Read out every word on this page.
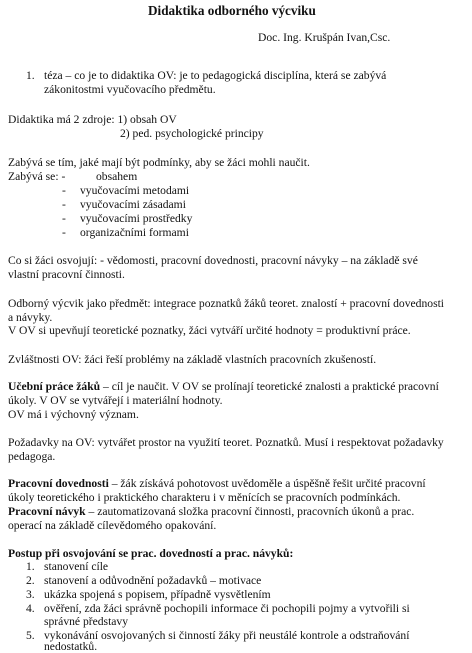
Didaktika odborného výcviku
Doc. Ing. Krušpán Ivan,Csc.
1. téza – co je to didaktika OV: je to pedagogická disciplína, která se zabývá
zákonitostmi vyučovacího předmětu.
Didaktika má 2 zdroje: 1) obsah OV
2) ped. psychologické principy
Zabývá se tím, jaké mají být podmínky, aby se žáci mohli naučit.
Zabývá se: -	obsahem
- vyučovacími metodami
- vyučovacími zásadami
- vyučovacími prostředky
- organizačními formami
Co si žáci osvojují: - vědomosti, pracovní dovednosti, pracovní návyky – na základě své
vlastní pracovní činnosti.
Odborný výcvik jako předmět: integrace poznatků žáků teoret. znalostí + pracovní dovednosti
a návyky.
V OV si upevňují teoretické poznatky, žáci vytváří určité hodnoty = produktivní práce.
Zvláštnosti OV: žáci řeší problémy na základě vlastních pracovních zkušeností.
Učební práce žáků – cíl je naučit. V OV se prolínají teoretické znalosti a praktické pracovní
úkoly. V OV se vytvářejí i materiální hodnoty.
OV má i výchovný význam.
Požadavky na OV: vytvářet prostor na využití teoret. Poznatků. Musí i respektovat požadavky
pedagoga.
Pracovní dovednosti – žák získává pohotovost uvědoměle a úspěšně řešit určité pracovní
úkoly teoretického i praktického charakteru i v měnících se pracovních podmínkách.
Pracovní návyk – zautomatizovaná složka pracovní činnosti, pracovních úkonů a prac.
operací na základě cílevědomého opakování.
Postup při osvojování se prac. dovedností a prac. návyků:
1. stanovení cíle
2. stanovení a odůvodnění požadavků – motivace
3. ukázka spojená s popisem, případně vysvětlením
4. ověření, zda žáci správně pochopili informace či pochopili pojmy a vytvořili si
správné představy
5. vykonávání osvojovaných si činností žáky při neustálé kontrole a odstraňování
nedostatků.
